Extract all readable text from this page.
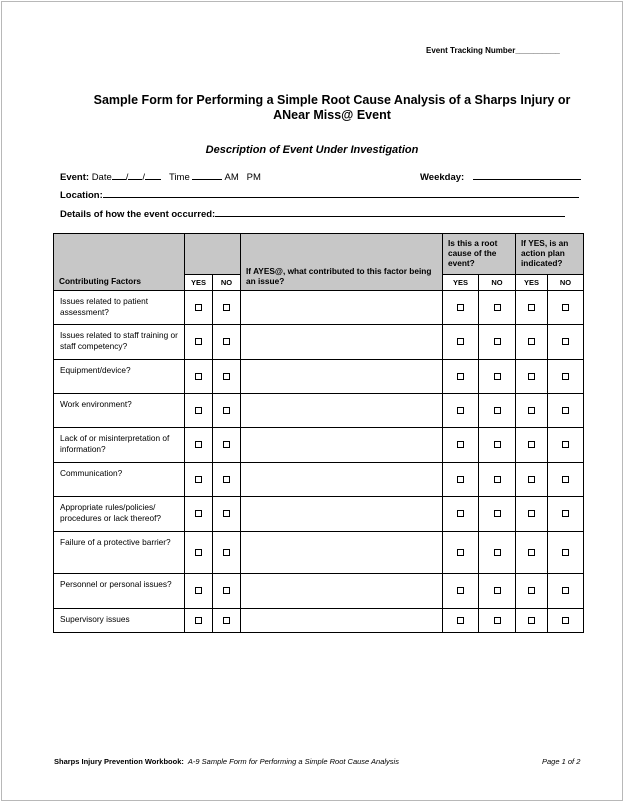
Event Tracking Number__________
Sample Form for Performing a Simple Root Cause Analysis of a Sharps Injury or
ANear Miss@ Event
Description of Event Under Investigation
Event: Date / /	Time	AM PM	Weekday:
Location:
Details of how the event occurred:
Contributing Factors			If AYES@, what contributed to this factor being an issue?	Is this a root cause of the event?		If YES, is an action plan indicated?	
	YES	NO		YES	NO	YES	NO
Issues related to patient assessment?							
Issues related to staff training or staff competency?							
Equipment/device?							
Work environment?							
Lack of or misinterpretation of information?							
Communication?							
Appropriate rules/policies/ procedures or lack thereof?							
Failure of a protective barrier?							
Personnel or personal issues?							
Supervisory issues							
Sharps Injury Prevention Workbook: A-9 Sample Form for Performing a Simple Root Cause Analysis	Page 1 of 2
